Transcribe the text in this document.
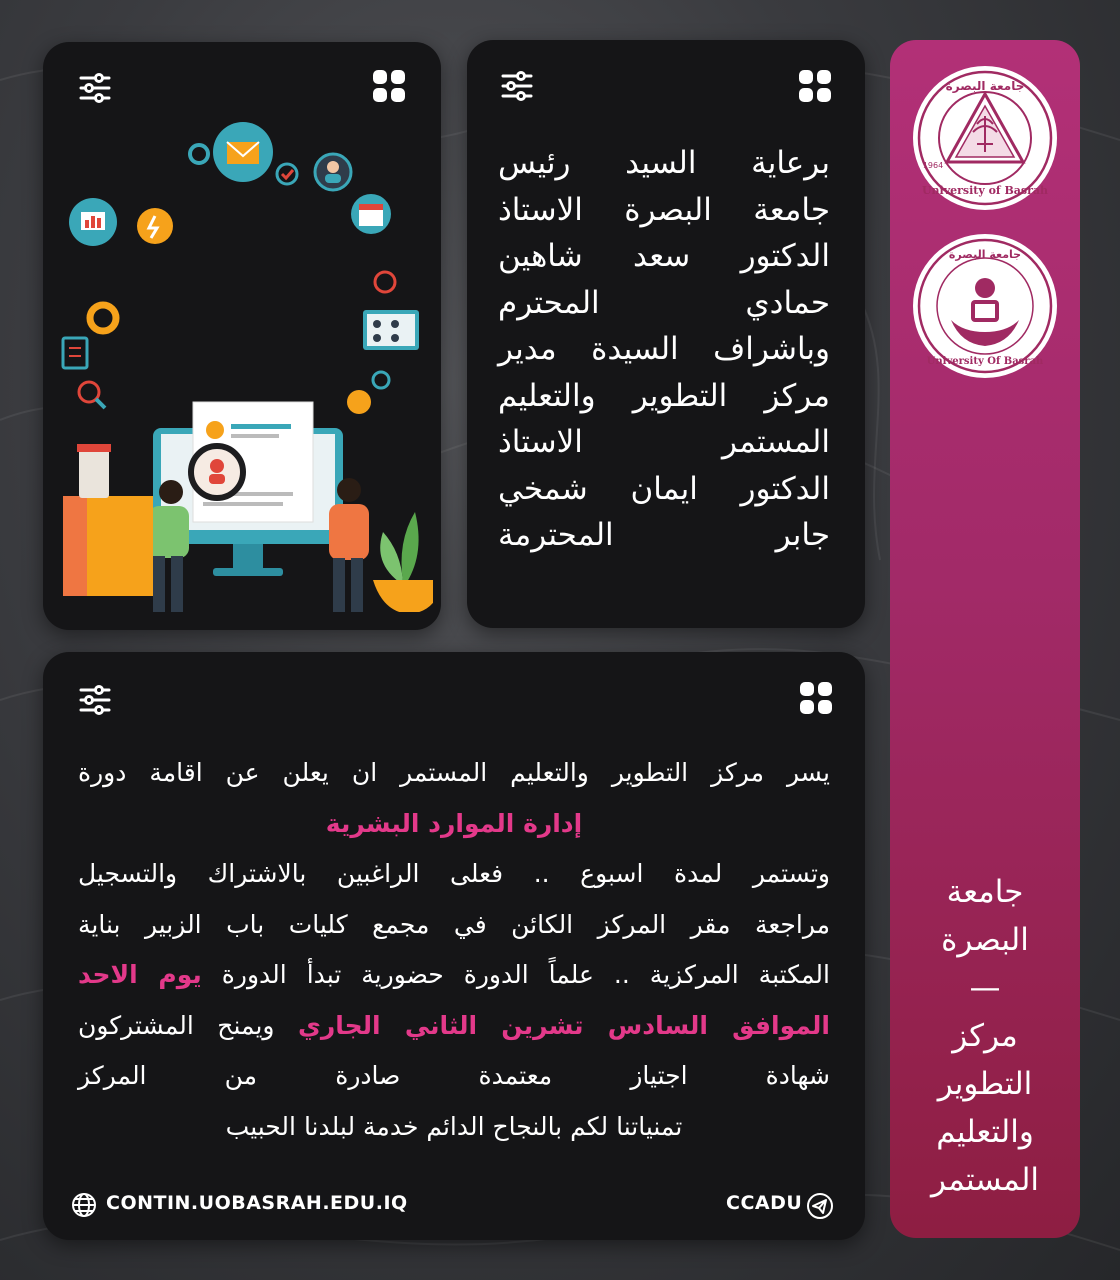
University of Basrah
جامعة البصرة
1964
جامعة البصرة
University Of Basrah
جامعة
البصرة
—
مركز
التطوير
والتعليم
المستمر
برعاية السيد رئيس
جامعة البصرة الاستاذ
الدكتور سعد شاهين
حمادي المحترم
وباشراف السيدة مدير
مركز التطوير والتعليم
المستمر الاستاذ
الدكتور ايمان شمخي
جابر المحترمة
يسر مركز التطوير والتعليم المستمر ان يعلن عن اقامة دورة
إدارة الموارد البشرية
وتستمر لمدة اسبوع .. فعلى الراغبين بالاشتراك والتسجيل
مراجعة مقر المركز الكائن في مجمع كليات باب الزبير بناية
المكتبة المركزية .. علماً الدورة حضورية تبدأ الدورة يوم الاحد
الموافق السادس تشرين الثاني الجاري ويمنح المشتركون
شهادة اجتياز معتمدة صادرة من المركز
تمنياتنا لكم بالنجاح الدائم خدمة لبلدنا الحبيب
CONTIN.UOBASRAH.EDU.IQ	CCADU
